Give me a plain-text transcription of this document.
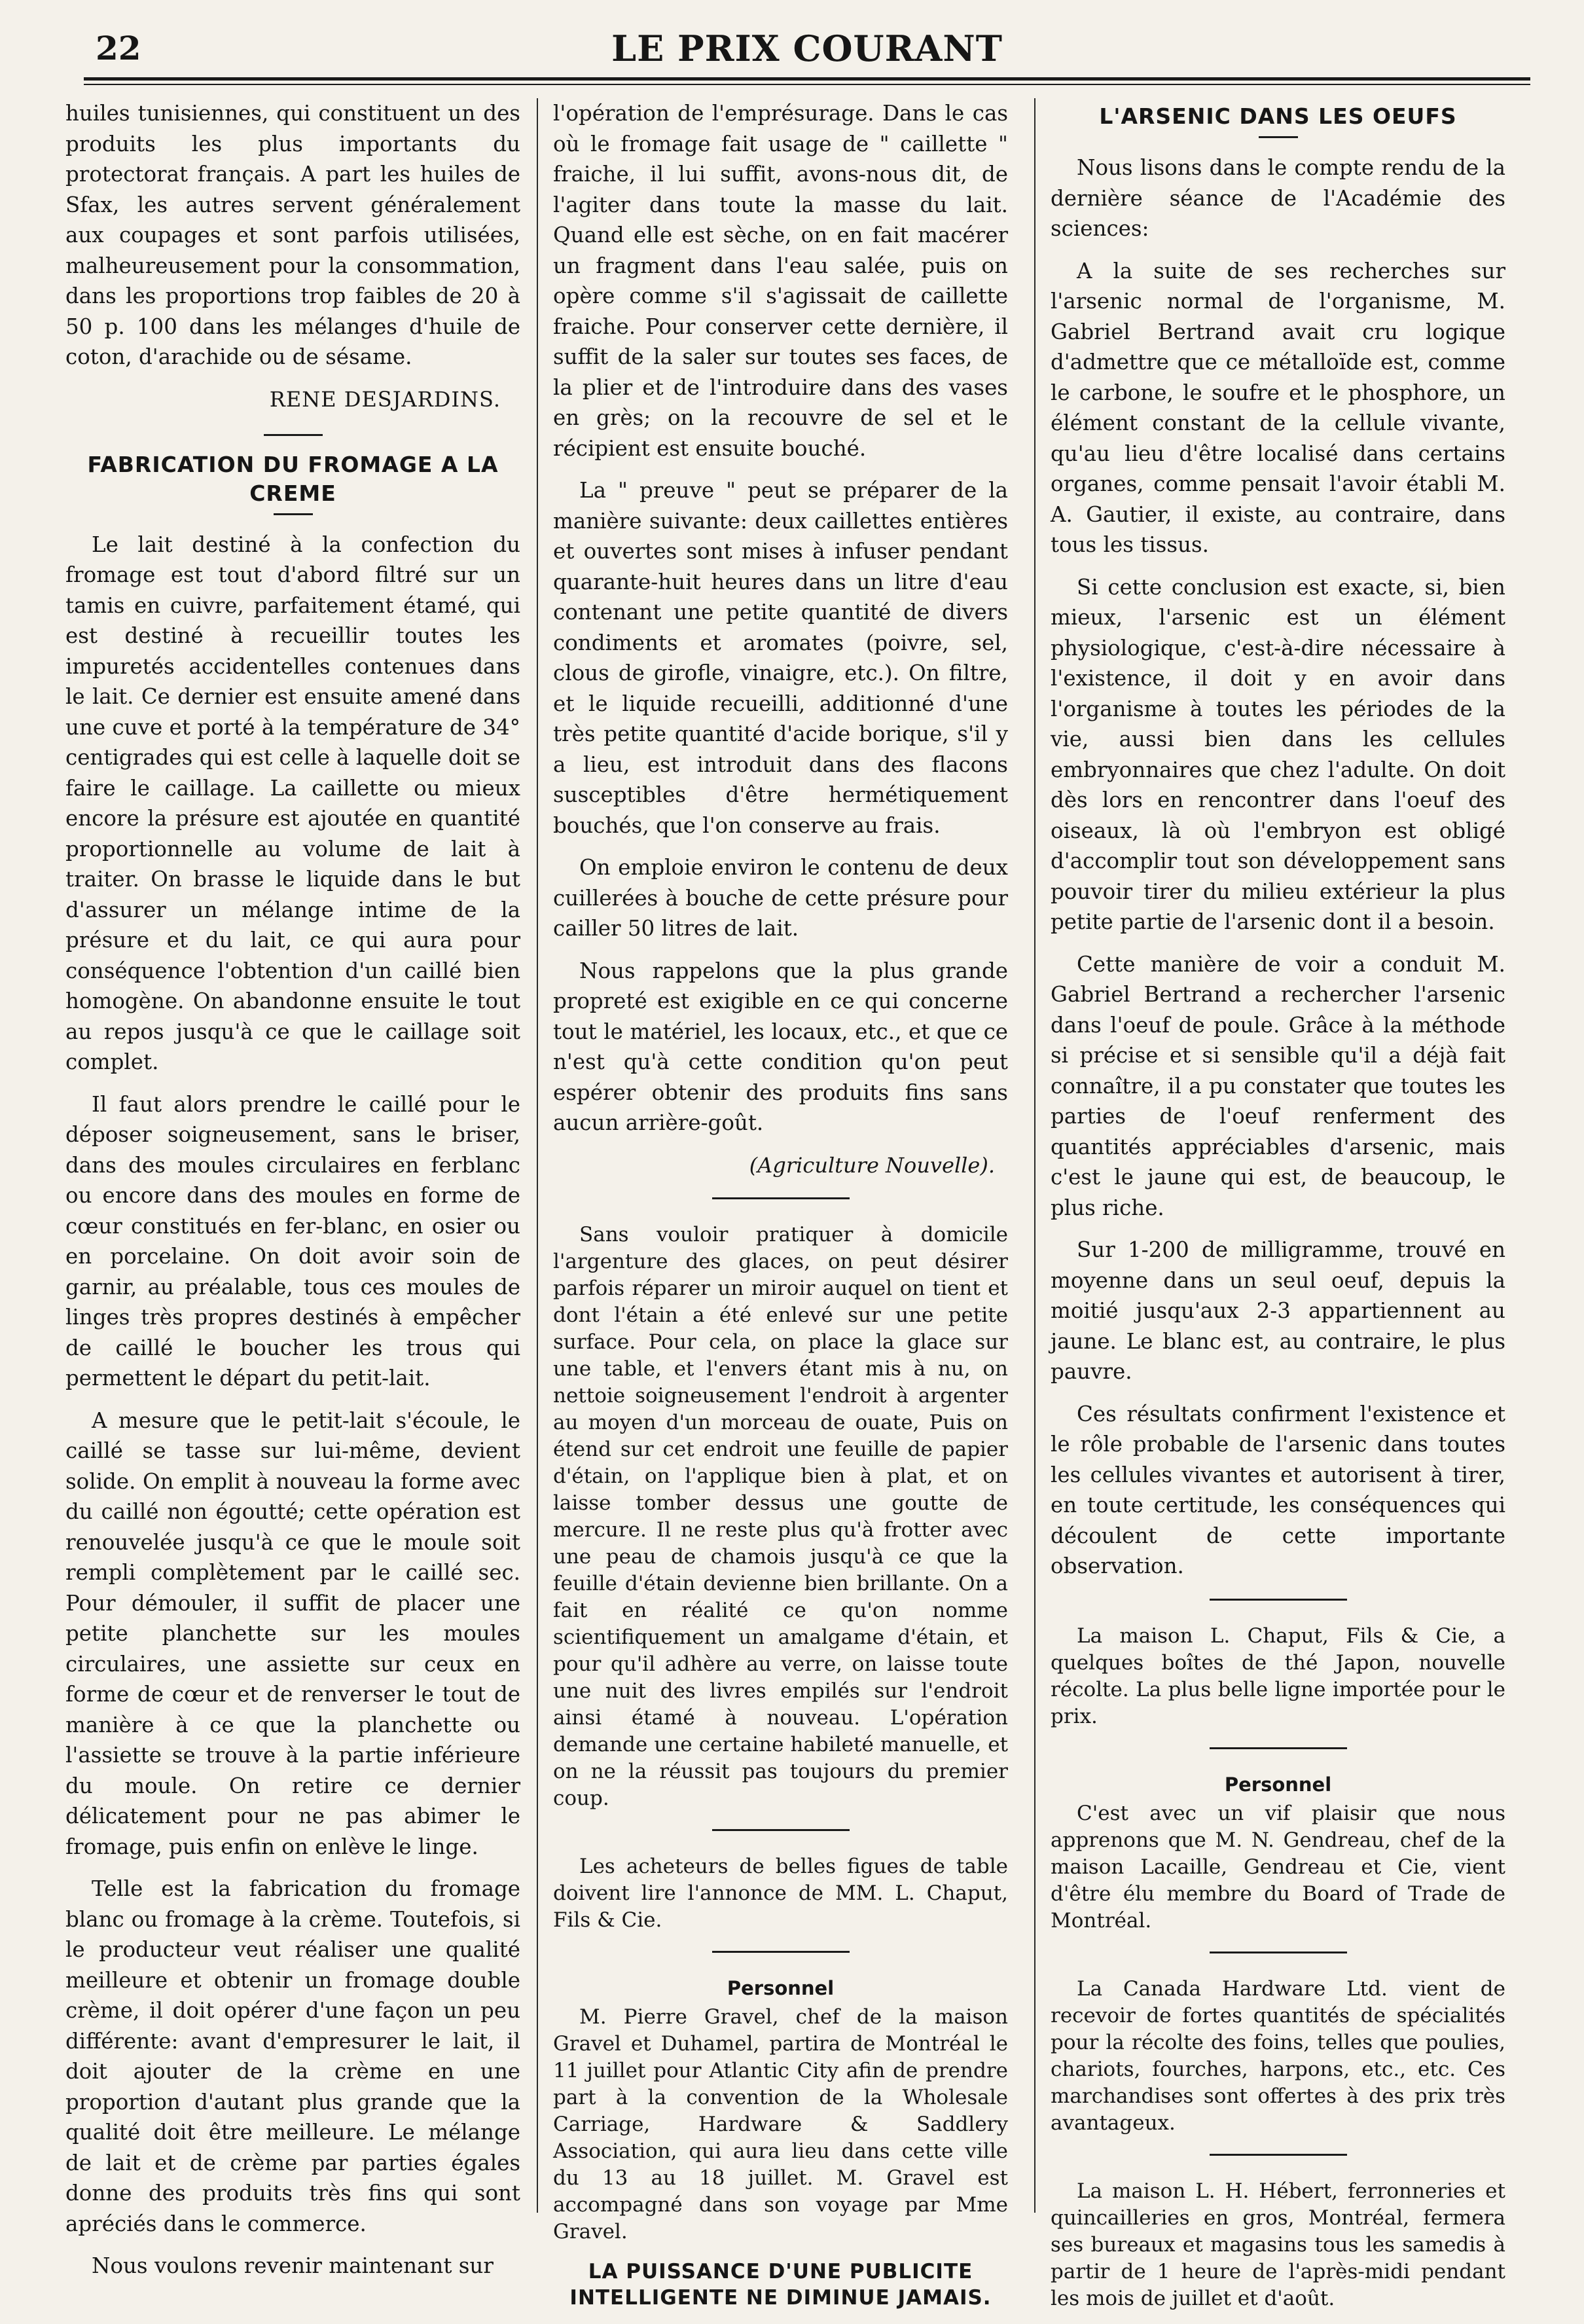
22	LE PRIX COURANT

huiles tunisiennes, qui constituent un des produits les plus importants du protectorat français. A part les huiles de Sfax, les autres servent généralement aux coupages et sont parfois utilisées, malheureusement pour la consommation, dans les proportions trop faibles de 20 à 50 p. 100 dans les mélanges d'huile de coton, d'arachide ou de sésame.

RENE DESJARDINS.
FABRICATION DU FROMAGE A LA CREME

Le lait destiné à la confection du fromage est tout d'abord filtré sur un tamis en cuivre, parfaitement étamé, qui est destiné à recueillir toutes les impuretés accidentelles contenues dans le lait. Ce dernier est ensuite amené dans une cuve et porté à la température de 34° centigrades qui est celle à laquelle doit se faire le caillage. La caillette ou mieux encore la présure est ajoutée en quantité proportionnelle au volume de lait à traiter. On brasse le liquide dans le but d'assurer un mélange intime de la présure et du lait, ce qui aura pour conséquence l'obtention d'un caillé bien homogène. On abandonne ensuite le tout au repos jusqu'à ce que le caillage soit complet.

Il faut alors prendre le caillé pour le déposer soigneusement, sans le briser, dans des moules circulaires en ferblanc ou encore dans des moules en forme de cœur constitués en fer-blanc, en osier ou en porcelaine. On doit avoir soin de garnir, au préalable, tous ces moules de linges très propres destinés à empêcher de caillé le boucher les trous qui permettent le départ du petit-lait.

A mesure que le petit-lait s'écoule, le caillé se tasse sur lui-même, devient solide. On emplit à nouveau la forme avec du caillé non égoutté; cette opération est renouvelée jusqu'à ce que le moule soit rempli complètement par le caillé sec. Pour démouler, il suffit de placer une petite planchette sur les moules circulaires, une assiette sur ceux en forme de cœur et de renverser le tout de manière à ce que la planchette ou l'assiette se trouve à la partie inférieure du moule. On retire ce dernier délicatement pour ne pas abimer le fromage, puis enfin on enlève le linge.

Telle est la fabrication du fromage blanc ou fromage à la crème. Toutefois, si le producteur veut réaliser une qualité meilleure et obtenir un fromage double crème, il doit opérer d'une façon un peu différente: avant d'empresurer le lait, il doit ajouter de la crème en une proportion d'autant plus grande que la qualité doit être meilleure. Le mélange de lait et de crème par parties égales donne des produits très fins qui sont apréciés dans le commerce.

Nous voulons revenir maintenant sur

l'opération de l'emprésurage. Dans le cas où le fromage fait usage de " caillette " fraiche, il lui suffit, avons-nous dit, de l'agiter dans toute la masse du lait. Quand elle est sèche, on en fait macérer un fragment dans l'eau salée, puis on opère comme s'il s'agissait de caillette fraiche. Pour conserver cette dernière, il suffit de la saler sur toutes ses faces, de la plier et de l'introduire dans des vases en grès; on la recouvre de sel et le récipient est ensuite bouché.

La " preuve " peut se préparer de la manière suivante: deux caillettes entières et ouvertes sont mises à infuser pendant quarante-huit heures dans un litre d'eau contenant une petite quantité de divers condiments et aromates (poivre, sel, clous de girofle, vinaigre, etc.). On filtre, et le liquide recueilli, additionné d'une très petite quantité d'acide borique, s'il y a lieu, est introduit dans des flacons susceptibles d'être hermétiquement bouchés, que l'on conserve au frais.

On emploie environ le contenu de deux cuillerées à bouche de cette présure pour cailler 50 litres de lait.

Nous rappelons que la plus grande propreté est exigible en ce qui concerne tout le matériel, les locaux, etc., et que ce n'est qu'à cette condition qu'on peut espérer obtenir des produits fins sans aucun arrière-goût.

(Agriculture Nouvelle).

Sans vouloir pratiquer à domicile l'argenture des glaces, on peut désirer parfois réparer un miroir auquel on tient et dont l'étain a été enlevé sur une petite surface. Pour cela, on place la glace sur une table, et l'envers étant mis à nu, on nettoie soigneusement l'endroit à argenter au moyen d'un morceau de ouate, Puis on étend sur cet endroit une feuille de papier d'étain, on l'applique bien à plat, et on laisse tomber dessus une goutte de mercure. Il ne reste plus qu'à frotter avec une peau de chamois jusqu'à ce que la feuille d'étain devienne bien brillante. On a fait en réalité ce qu'on nomme scientifiquement un amalgame d'étain, et pour qu'il adhère au verre, on laisse toute une nuit des livres empilés sur l'endroit ainsi étamé à nouveau. L'opération demande une certaine habileté manuelle, et on ne la réussit pas toujours du premier coup.

Les acheteurs de belles figues de table doivent lire l'annonce de MM. L. Chaput, Fils & Cie.

Personnel

M. Pierre Gravel, chef de la maison Gravel et Duhamel, partira de Montréal le 11 juillet pour Atlantic City afin de prendre part à la convention de la Wholesale Carriage, Hardware & Saddlery Association, qui aura lieu dans cette ville du 13 au 18 juillet. M. Gravel est accompagné dans son voyage par Mme Gravel.

LA PUISSANCE D'UNE PUBLICITE INTELLIGENTE NE DIMINUE JAMAIS.
L'ARSENIC DANS LES OEUFS

Nous lisons dans le compte rendu de la dernière séance de l'Académie des sciences:

A la suite de ses recherches sur l'arsenic normal de l'organisme, M. Gabriel Bertrand avait cru logique d'admettre que ce métalloïde est, comme le carbone, le soufre et le phosphore, un élément constant de la cellule vivante, qu'au lieu d'être localisé dans certains organes, comme pensait l'avoir établi M. A. Gautier, il existe, au contraire, dans tous les tissus.

Si cette conclusion est exacte, si, bien mieux, l'arsenic est un élément physiologique, c'est-à-dire nécessaire à l'existence, il doit y en avoir dans l'organisme à toutes les périodes de la vie, aussi bien dans les cellules embryonnaires que chez l'adulte. On doit dès lors en rencontrer dans l'oeuf des oiseaux, là où l'embryon est obligé d'accomplir tout son développement sans pouvoir tirer du milieu extérieur la plus petite partie de l'arsenic dont il a besoin.

Cette manière de voir a conduit M. Gabriel Bertrand a rechercher l'arsenic dans l'oeuf de poule. Grâce à la méthode si précise et si sensible qu'il a déjà fait connaître, il a pu constater que toutes les parties de l'oeuf renferment des quantités appréciables d'arsenic, mais c'est le jaune qui est, de beaucoup, le plus riche.

Sur 1-200 de milligramme, trouvé en moyenne dans un seul oeuf, depuis la moitié jusqu'aux 2-3 appartiennent au jaune. Le blanc est, au contraire, le plus pauvre.

Ces résultats confirment l'existence et le rôle probable de l'arsenic dans toutes les cellules vivantes et autorisent à tirer, en toute certitude, les conséquences qui découlent de cette importante observation.

La maison L. Chaput, Fils & Cie, a quelques boîtes de thé Japon, nouvelle récolte. La plus belle ligne importée pour le prix.

Personnel

C'est avec un vif plaisir que nous apprenons que M. N. Gendreau, chef de la maison Lacaille, Gendreau et Cie, vient d'être élu membre du Board of Trade de Montréal.

La Canada Hardware Ltd. vient de recevoir de fortes quantités de spécialités pour la récolte des foins, telles que poulies, chariots, fourches, harpons, etc., etc. Ces marchandises sont offertes à des prix très avantageux.

La maison L. H. Hébert, ferronneries et quincailleries en gros, Montréal, fermera ses bureaux et magasins tous les samedis à partir de 1 heure de l'après-midi pendant les mois de juillet et d'août.
